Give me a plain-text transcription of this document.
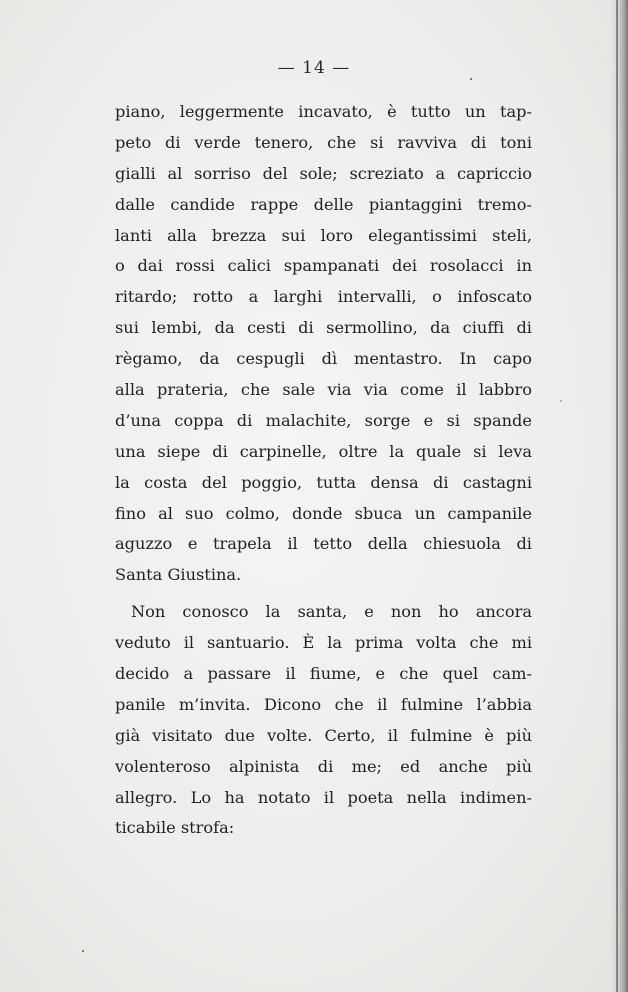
— 14 —
piano, leggermente incavato, è tutto un tap-
peto di verde tenero, che si ravviva di toni
gialli al sorriso del sole; screziato a capriccio
dalle candide rappe delle piantaggini tremo-
lanti alla brezza sui loro elegantissimi steli,
o dai rossi calici spampanati dei rosolacci in
ritardo; rotto a larghi intervalli, o infoscato
sui lembi, da cesti di sermollino, da ciuffi di
règamo, da cespugli dì mentastro. In capo
alla prateria, che sale via via come il labbro
d’una coppa di malachite, sorge e si spande
una siepe di carpinelle, oltre la quale si leva
la costa del poggio, tutta densa di castagni
fino al suo colmo, donde sbuca un campanile
aguzzo e trapela il tetto della chiesuola di
Santa Giustina.
Non conosco la santa, e non ho ancora
veduto il santuario. È la prima volta che mi
decido a passare il fiume, e che quel cam-
panile m’invita. Dicono che il fulmine l’abbia
già visitato due volte. Certo, il fulmine è più
volenteroso alpinista di me; ed anche più
allegro. Lo ha notato il poeta nella indimen-
ticabile strofa:
